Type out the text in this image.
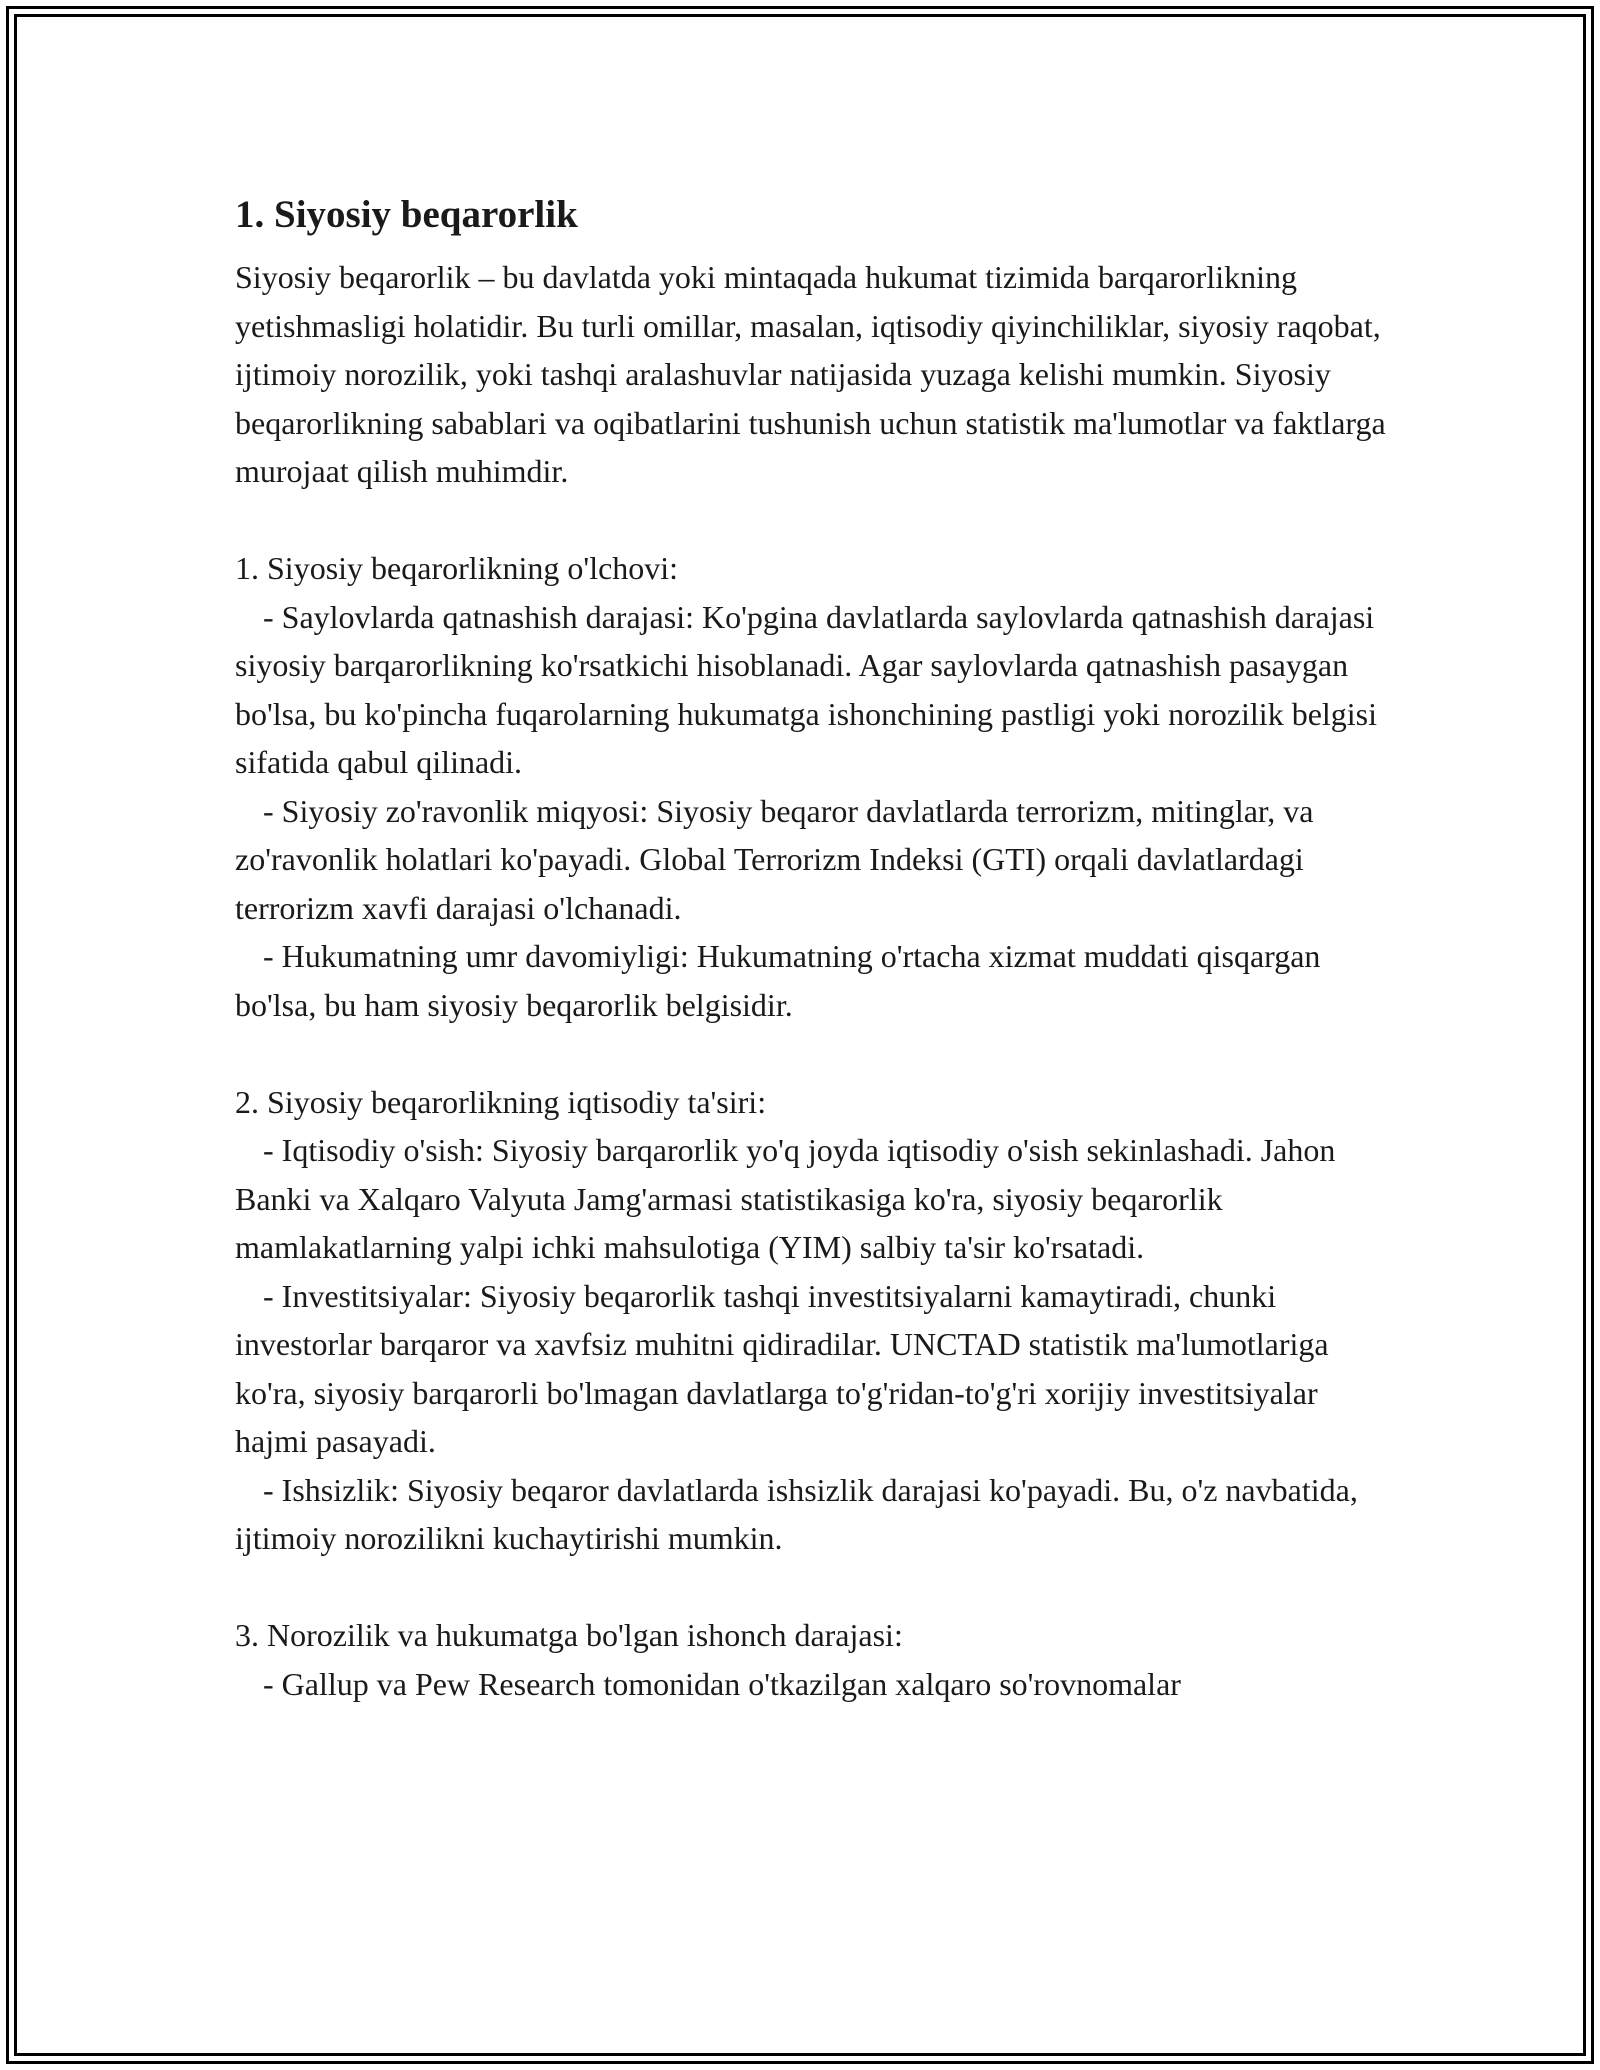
1. Siyosiy beqarorlik

Siyosiy beqarorlik – bu davlatda yoki mintaqada hukumat tizimida barqarorlikning yetishmasligi holatidir. Bu turli omillar, masalan, iqtisodiy qiyinchiliklar, siyosiy raqobat, ijtimoiy norozilik, yoki tashqi aralashuvlar natijasida yuzaga kelishi mumkin. Siyosiy beqarorlikning sabablari va oqibatlarini tushunish uchun statistik ma'lumotlar va faktlarga murojaat qilish muhimdir.

1. Siyosiy beqarorlikning o'lchovi:

- Saylovlarda qatnashish darajasi: Ko'pgina davlatlarda saylovlarda qatnashish darajasi siyosiy barqarorlikning ko'rsatkichi hisoblanadi. Agar saylovlarda qatnashish pasaygan bo'lsa, bu ko'pincha fuqarolarning hukumatga ishonchining pastligi yoki norozilik belgisi sifatida qabul qilinadi.

- Siyosiy zo'ravonlik miqyosi: Siyosiy beqaror davlatlarda terrorizm, mitinglar, va zo'ravonlik holatlari ko'payadi. Global Terrorizm Indeksi (GTI) orqali davlatlardagi terrorizm xavfi darajasi o'lchanadi.

- Hukumatning umr davomiyligi: Hukumatning o'rtacha xizmat muddati qisqargan bo'lsa, bu ham siyosiy beqarorlik belgisidir.

2. Siyosiy beqarorlikning iqtisodiy ta'siri:

- Iqtisodiy o'sish: Siyosiy barqarorlik yo'q joyda iqtisodiy o'sish sekinlashadi. Jahon Banki va Xalqaro Valyuta Jamg'armasi statistikasiga ko'ra, siyosiy beqarorlik mamlakatlarning yalpi ichki mahsulotiga (YIM) salbiy ta'sir ko'rsatadi.

- Investitsiyalar: Siyosiy beqarorlik tashqi investitsiyalarni kamaytiradi, chunki investorlar barqaror va xavfsiz muhitni qidiradilar. UNCTAD statistik ma'lumotlariga ko'ra, siyosiy barqarorli bo'lmagan davlatlarga to'g'ridan-to'g'ri xorijiy investitsiyalar hajmi pasayadi.

- Ishsizlik: Siyosiy beqaror davlatlarda ishsizlik darajasi ko'payadi. Bu, o'z navbatida, ijtimoiy norozilikni kuchaytirishi mumkin.

3. Norozilik va hukumatga bo'lgan ishonch darajasi:

- Gallup va Pew Research tomonidan o'tkazilgan xalqaro so'rovnomalar
